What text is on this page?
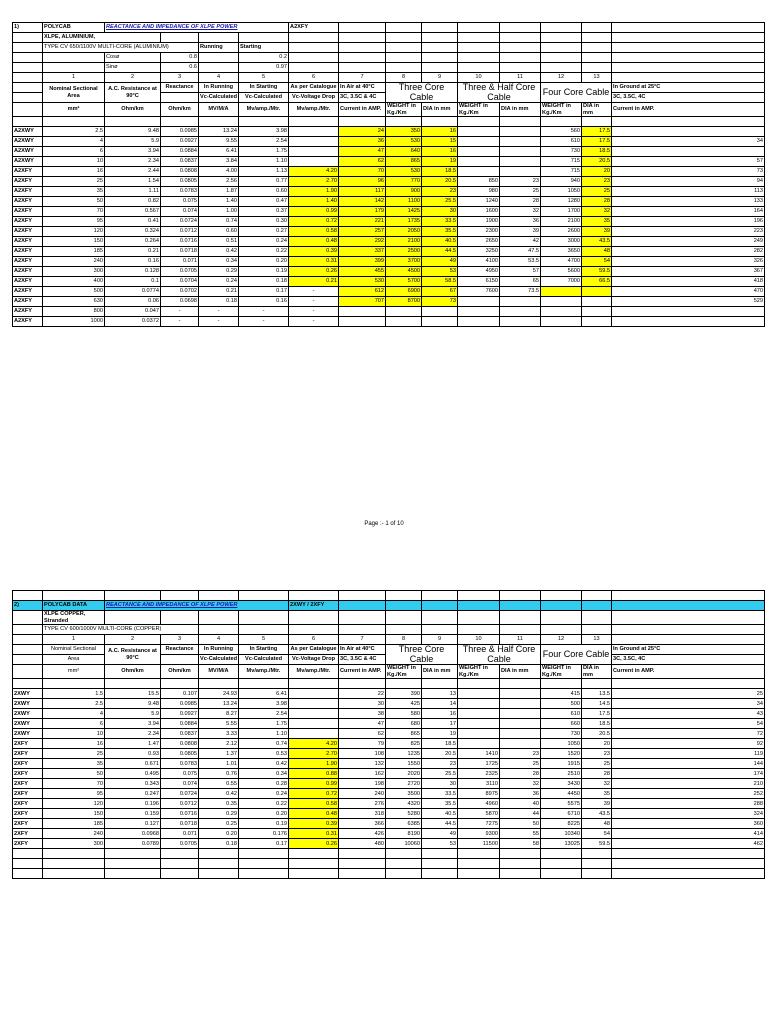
1)	POLYCAB	REACTANCE AND IMPEDANCE OF XLPE POWER				A2XFY								
	XLPE, ALUMINIUM,													
	TYPE CV 650/1100V MULTI-CORE (ALUMINIUM)			Running	Starting									
		Cosø	0.8		0.2									
		Sinø	0.6		0.97									
	1	2	3	4	5	6	7	8	9	10	11	12	13	
	Nominal Sectional Area	A.C. Resistance at 90°C	Reactance	In Running	In Starting	As per Catalogue	In Air at 40°C	Three Core Cable		Three & Half Core Cable		Four Core Cable		In Ground at 25°C
				Vc-Calculated	Vc-Calculated	Vc-Voltage Drop	3C, 3.5C & 4C							3C, 3.5C, 4C
	mm²	Ohm/km	Ohm/km	MV/M/A	Mv/amp./Mtr.	Mv/amp./Mtr.	Current in AMP.	WEIGHT in Kg./Km	DIA in mm	WEIGHT in Kg./Km	DIA in mm	WEIGHT in Kg./Km	DIA in mm	Current in AMP.

A2XWY	2.5	9.48	0.0985	13.24	3.98		24	350	16			560	17.5	
A2XWY	4	5.9	0.0927	9.55	2.54		36	530	15			610	17.5	34
A2XWY	6	3.94	0.0884	6.41	1.75		47	640	16			730	18.5	
A2XWY	10	2.34	0.0837	3.84	1.10		62	865	19			715	20.5	57
A2XFY	16	2.44	0.0808	4.00	1.13	4.20	70	530	18.5			715	20	73
A2XFY	25	1.54	0.0805	2.56	0.77	2.70	96	770	20.5	850	23	940	23	94
A2XFY	35	1.11	0.0783	1.87	0.60	1.90	117	900	23	980	25	1050	25	113
A2XFY	50	0.82	0.075	1.40	0.47	1.40	142	1100	25.5	1240	28	1280	28	133
A2XFY	70	0.567	0.074	1.00	0.37	0.99	179	1425	30	1600	32	1700	32	164
A2XFY	95	0.41	0.0724	0.74	0.30	0.72	221	1735	33.5	1900	36	2100	35	196
A2XFY	120	0.324	0.0712	0.60	0.27	0.58	257	2050	35.5	2300	39	2600	39	223
A2XFY	150	0.264	0.0716	0.51	0.24	0.48	292	2100	40.5	2650	42	3000	43.5	249
A2XFY	185	0.21	0.0718	0.42	0.22	0.39	337	2500	44.5	3250	47.5	3650	48	282
A2XFY	240	0.16	0.071	0.34	0.20	0.31	399	3700	49	4100	53.5	4700	54	326
A2XFY	300	0.128	0.0705	0.29	0.19	0.26	455	4500	53	4950	57	5600	59.5	367
A2XFY	400	0.1	0.0704	0.24	0.18	0.21	530	5700	58.5	6150	65	7000	66.5	418
A2XFY	500	0.0774	0.0702	0.21	0.17	-	612	6900	67	7600	73.5			470
A2XFY	630	0.06	0.0698	0.18	0.16	-	707	8700	73					529
A2XFY	800	0.047	-	-	-	-								
A2XFY	1000	0.0372	-	-	-	-								
Page :- 1 of 10

2)	POLYCAB DATA	REACTANCE AND IMPEDANCE OF XLPE POWER				2XWY / 2XFY								
	XLPE COPPER, Stranded													
	TYPE CV 600/1000V MULTI-CORE (COPPER)													
	1	2	3	4	5	6	7	8	9	10	11	12	13	
	Nominal Sectional	A.C. Resistance at 90°C	Reactance	In Running	In Starting	As per Catalogue	In Air at 40°C	Three Core Cable		Three & Half Core Cable		Four Core Cable		In Ground at 25°C
	Area			Vc-Calculated	Vc-Calculated	Vc-Voltage Drop	3C, 3.5C & 4C							3C, 3.5C, 4C
	mm²	Ohm/km	Ohm/km	MV/M/A	Mv/amp./Mtr.	Mv/amp./Mtr.	Current in AMP.	WEIGHT in Kg./Km	DIA in mm	WEIGHT in Kg./Km	DIA in mm	WEIGHT in Kg./Km	DIA in mm	Current in AMP.

2XWY	1.5	15.5	0.107	24.93	6.41		22	390	13			415	13.5	25
2XWY	2.5	9.48	0.0985	13.24	3.98		30	425	14			500	14.5	34
2XWY	4	5.9	0.0927	8.27	2.54		38	580	16			610	17.5	43
2XWY	6	3.94	0.0884	5.55	1.75		47	680	17			660	18.5	54
2XWY	10	2.34	0.0837	3.33	1.10		62	865	19			730	20.5	72
2XFY	16	1.47	0.0808	2.12	0.74	4.20	79	825	18.5			1050	20	92
2XFY	25	0.93	0.0805	1.37	0.53	2.70	108	1235	20.5	1410	23	1520	23	119
2XFY	35	0.671	0.0783	1.01	0.42	1.90	132	1550	23	1725	25	1915	25	144
2XFY	50	0.495	0.075	0.76	0.34	0.88	162	2020	25.5	2325	28	2510	28	174
2XFY	70	0.343	0.074	0.55	0.28	0.99	198	2720	30	3110	32	3430	32	210
2XFY	95	0.247	0.0724	0.42	0.24	0.72	240	3500	33.5	8975	36	4450	35	252
2XFY	120	0.196	0.0712	0.35	0.22	0.58	276	4320	35.5	4960	40	5575	39	288
2XFY	150	0.159	0.0716	0.29	0.20	0.48	318	5280	40.5	5870	44	6710	43.5	324
2XFY	185	0.127	0.0718	0.25	0.19	0.39	366	6385	44.5	7275	50	8225	48	360
2XFY	240	0.0968	0.071	0.20	0.176	0.31	426	8190	49	9300	55	10340	54	414
2XFY	300	0.0789	0.0705	0.18	0.17	0.26	480	10060	53	11500	58	13025	59.5	462
